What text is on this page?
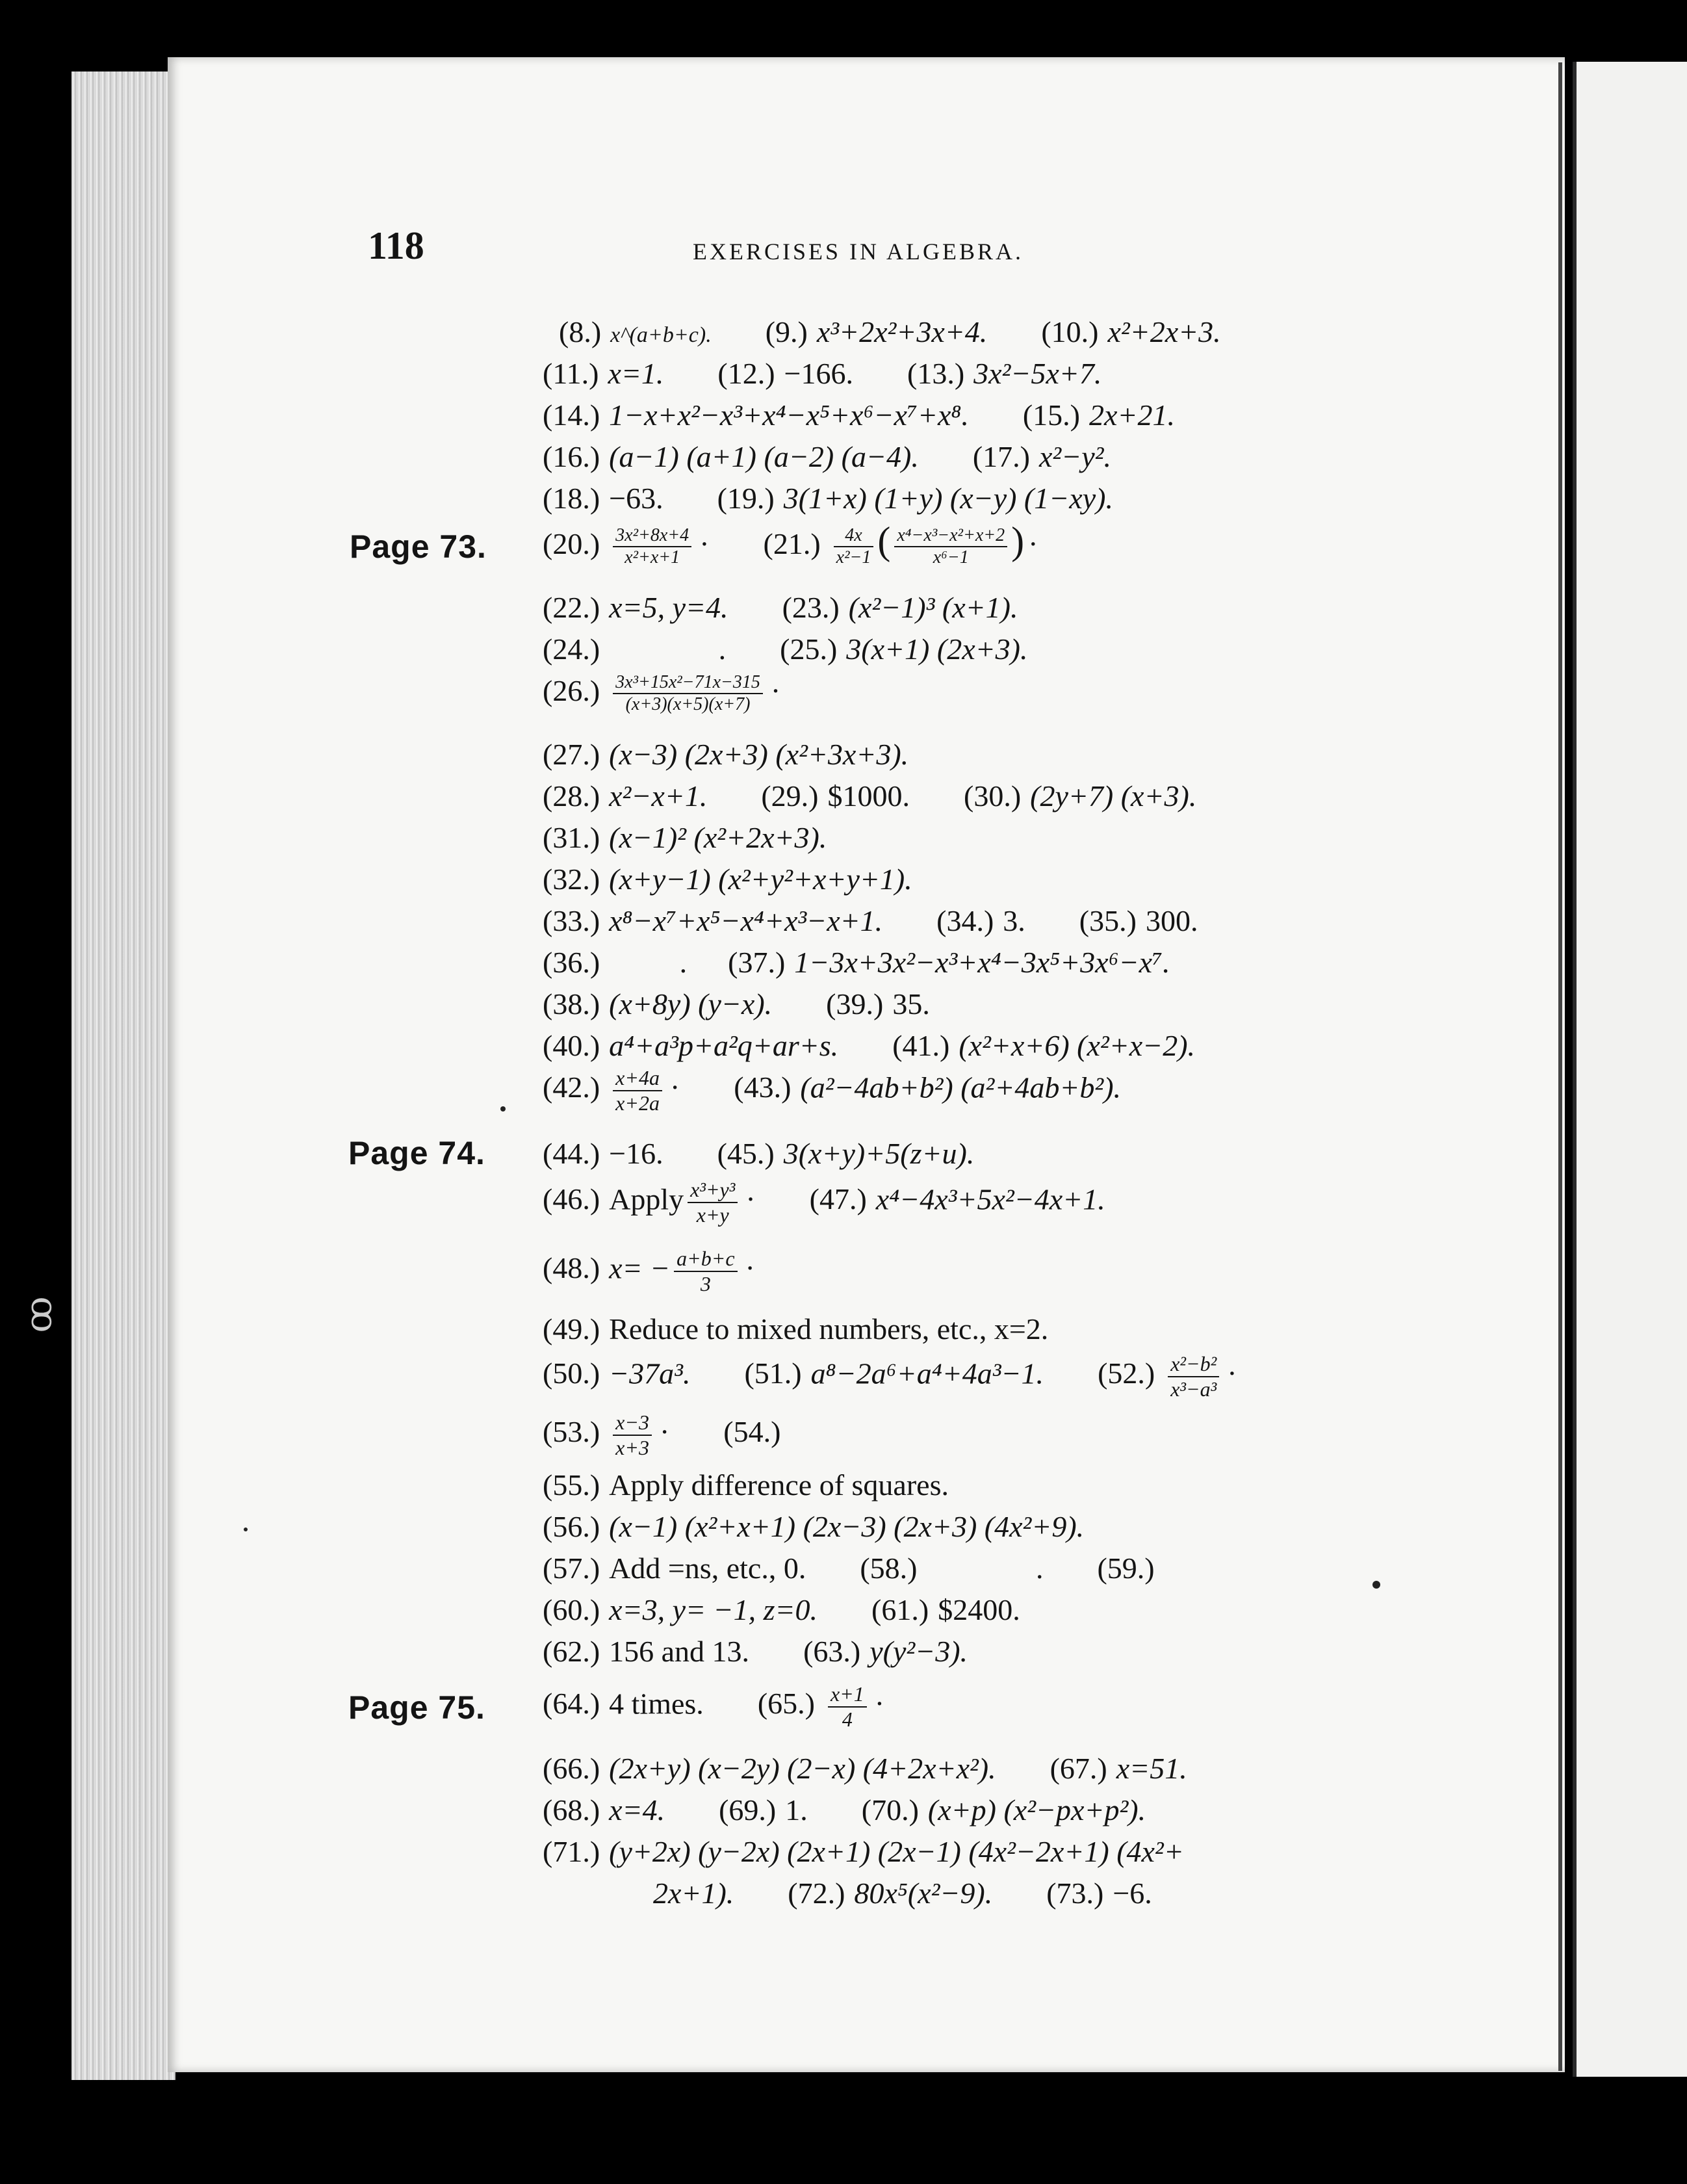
ꝏ
118	EXERCISES IN ALGEBRA.
Page 73.
Page 74.
Page 75.
(8.) x^(a+b+c). (9.) x³+2x²+3x+4. (10.) x²+2x+3.
(11.) x=1. (12.) −166. (13.) 3x²−5x+7.
(14.) 1−x+x²−x³+x⁴−x⁵+x⁶−x⁷+x⁸. (15.) 2x+21.
(16.) (a−1) (a+1) (a−2) (a−4). (17.) x²−y².
(18.) −63. (19.) 3(1+x) (1+y) (x−y) (1−xy).
$(20.) \frac{\text{3x²+8x+4}}{\text{x²+x+1}} \cdot (21.) \frac{4x}{\text{x²−1}}$ ( $\frac{\text{x⁴−x³−x²+x+2}}{\text{x⁶−1}}$ ) ·
(22.) x=5, y=4. (23.) (x²−1)³ (x+1).
(24.)	. (25.) 3(x+1) (2x+3).
$(26.) \frac{\text{3x³+15x²−71x−315}}{(x+3)(x+5)(x+7)}$ ·
(27.) (x−3) (2x+3) (x²+3x+3).
(28.) x²−x+1. (29.) $1000. (30.) (2y+7) (x+3).
(31.) (x−1)² (x²+2x+3).
(32.) (x+y−1) (x²+y²+x+y+1).
(33.) x⁸−x⁷+x⁵−x⁴+x³−x+1. (34.) 3. (35.) 300.
(36.)	. (37.) 1−3x+3x²−x³+x⁴−3x⁵+3x⁶−x⁷.
(38.) (x+8y) (y−x). (39.) 35.
(40.) a⁴+a³p+a²q+ar+s. (41.) (x²+x+6) (x²+x−2).
$(42.) \frac{x+4a}{x+2a} \cdot (43.)$ (a²−4ab+b²) (a²+4ab+b²).
(44.) −16. (45.) 3(x+y)+5(z+u).
(46.) Apply $\frac{\text{x³+y³}}{x+y} \cdot (47.)$ x⁴−4x³+5x²−4x+1.
(48.) $x= - \frac{a+b+c}{3}$ ·
(49.) Reduce to mixed numbers, etc., x=2.
(50.) −37a³. (51.) a⁸−2a⁶+a⁴+4a³−1. $(52.) \frac{\text{x²−b²}}{\text{x³−a³}}$ ·
$(53.) \frac{x-3}{x+3} \cdot (54.)$
(55.) Apply difference of squares.
(56.) (x−1) (x²+x+1) (2x−3) (2x+3) (4x²+9).
(57.) Add =ns, etc., 0. (58.)	. (59.)
(60.) x=3, y= −1, z=0. (61.) $2400.
(62.) 156 and 13. (63.) y(y²−3).
(64.) 4 times. $(65.) \frac{x+1}{4}$ ·
(66.) (2x+y) (x−2y) (2−x) (4+2x+x²). (67.) x=51.
(68.) x=4. (69.) 1. (70.) (x+p) (x²−px+p²).
(71.) (y+2x) (y−2x) (2x+1) (2x−1) (4x²−2x+1) (4x²+
2x+1). (72.) 80x⁵(x²−9). (73.) −6.
